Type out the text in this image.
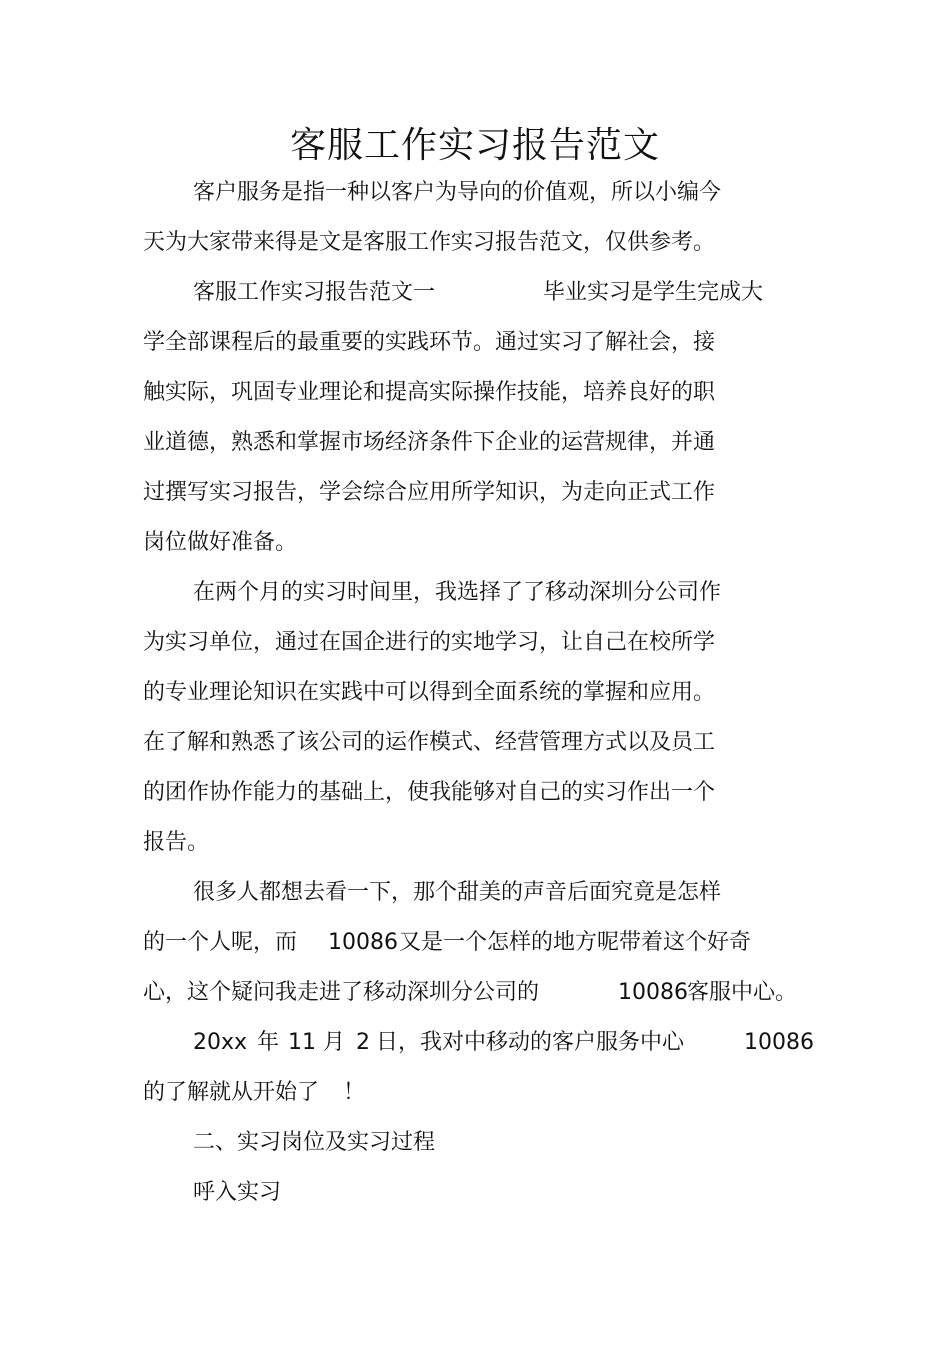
客服工作实习报告范文
客户服务是指一种以客户为导向的价值观，所以小编今
天为大家带来得是文是客服工作实习报告范文，仅供参考。
客服工作实习报告范文一	毕业实习是学生完成大
学全部课程后的最重要的实践环节。通过实习了解社会，接
触实际，巩固专业理论和提高实际操作技能，培养良好的职
业道德，熟悉和掌握市场经济条件下企业的运营规律，并通
过撰写实习报告，学会综合应用所学知识，为走向正式工作
岗位做好准备。
在两个月的实习时间里，我选择了了移动深圳分公司作
为实习单位，通过在国企进行的实地学习，让自己在校所学
的专业理论知识在实践中可以得到全面系统的掌握和应用。
在了解和熟悉了该公司的运作模式、经营管理方式以及员工
的团作协作能力的基础上，使我能够对自己的实习作出一个
报告。
很多人都想去看一下，那个甜美的声音后面究竟是怎样
的一个人呢，而 10086 又是一个怎样的地方呢带着这个好奇
心，这个疑问我走进了移动深圳分公司的	10086 客服中心。
20xx 年 11 月 2 日，我对中移动的客户服务中心	10086
的了解就从开始了 ！
二、实习岗位及实习过程
呼入实习
